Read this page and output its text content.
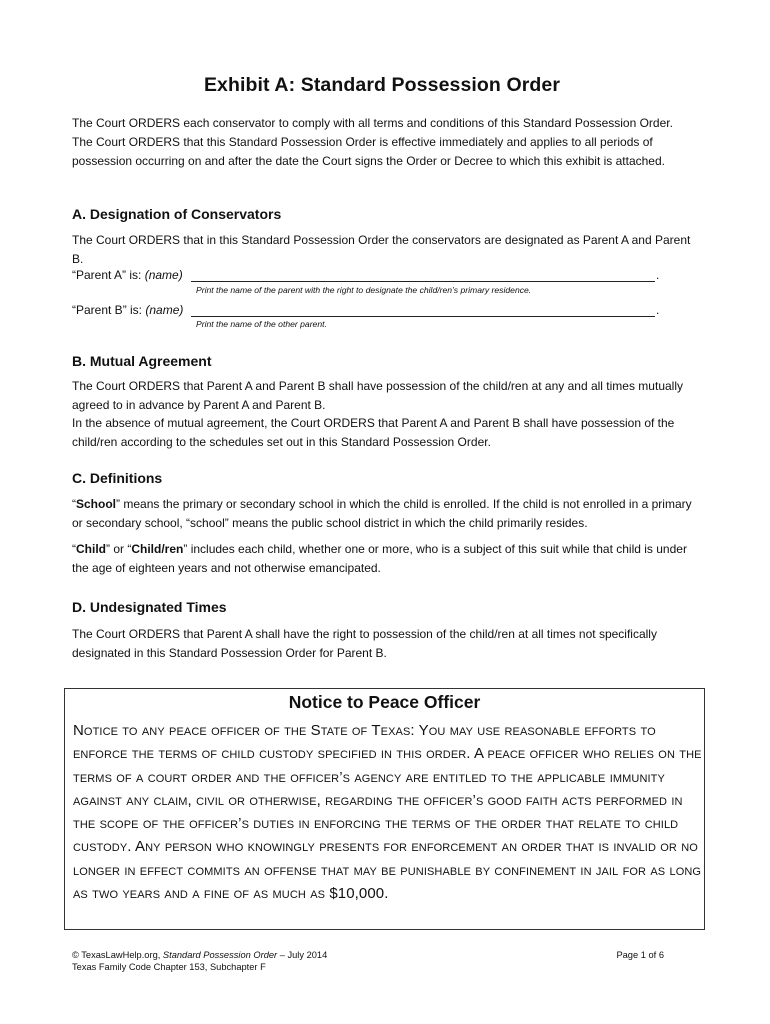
Exhibit A: Standard Possession Order

The Court ORDERS each conservator to comply with all terms and conditions of this Standard Possession Order. The Court ORDERS that this Standard Possession Order is effective immediately and applies to all periods of possession occurring on and after the date the Court signs the Order or Decree to which this exhibit is attached.

A. Designation of Conservators

The Court ORDERS that in this Standard Possession Order the conservators are designated as Parent A and Parent B.

“Parent A” is: (name)	.
Print the name of the parent with the right to designate the child/ren’s primary residence.
“Parent B” is: (name)	.
Print the name of the other parent.
B. Mutual Agreement

The Court ORDERS that Parent A and Parent B shall have possession of the child/ren at any and all times mutually agreed to in advance by Parent A and Parent B.

In the absence of mutual agreement, the Court ORDERS that Parent A and Parent B shall have possession of the child/ren according to the schedules set out in this Standard Possession Order.

C. Definitions

“School” means the primary or secondary school in which the child is enrolled. If the child is not enrolled in a primary or secondary school, “school” means the public school district in which the child primarily resides.

“Child” or “Child/ren” includes each child, whether one or more, who is a subject of this suit while that child is under the age of eighteen years and not otherwise emancipated.

D. Undesignated Times

The Court ORDERS that Parent A shall have the right to possession of the child/ren at all times not specifically designated in this Standard Possession Order for Parent B.

Notice to Peace Officer

Notice to any peace officer of the State of Texas: You may use reasonable efforts to enforce the terms of child custody specified in this order. A peace officer who relies on the terms of a court order and the officer’s agency are entitled to the applicable immunity against any claim, civil or otherwise, regarding the officer’s good faith acts performed in the scope of the officer’s duties in enforcing the terms of the order that relate to child custody. Any person who knowingly presents for enforcement an order that is invalid or no longer in effect commits an offense that may be punishable by confinement in jail for as long as two years and a fine of as much as $10,000.

© TexasLawHelp.org, Standard Possession Order – July 2014
Texas Family Code Chapter 153, Subchapter F
Page 1 of 6
